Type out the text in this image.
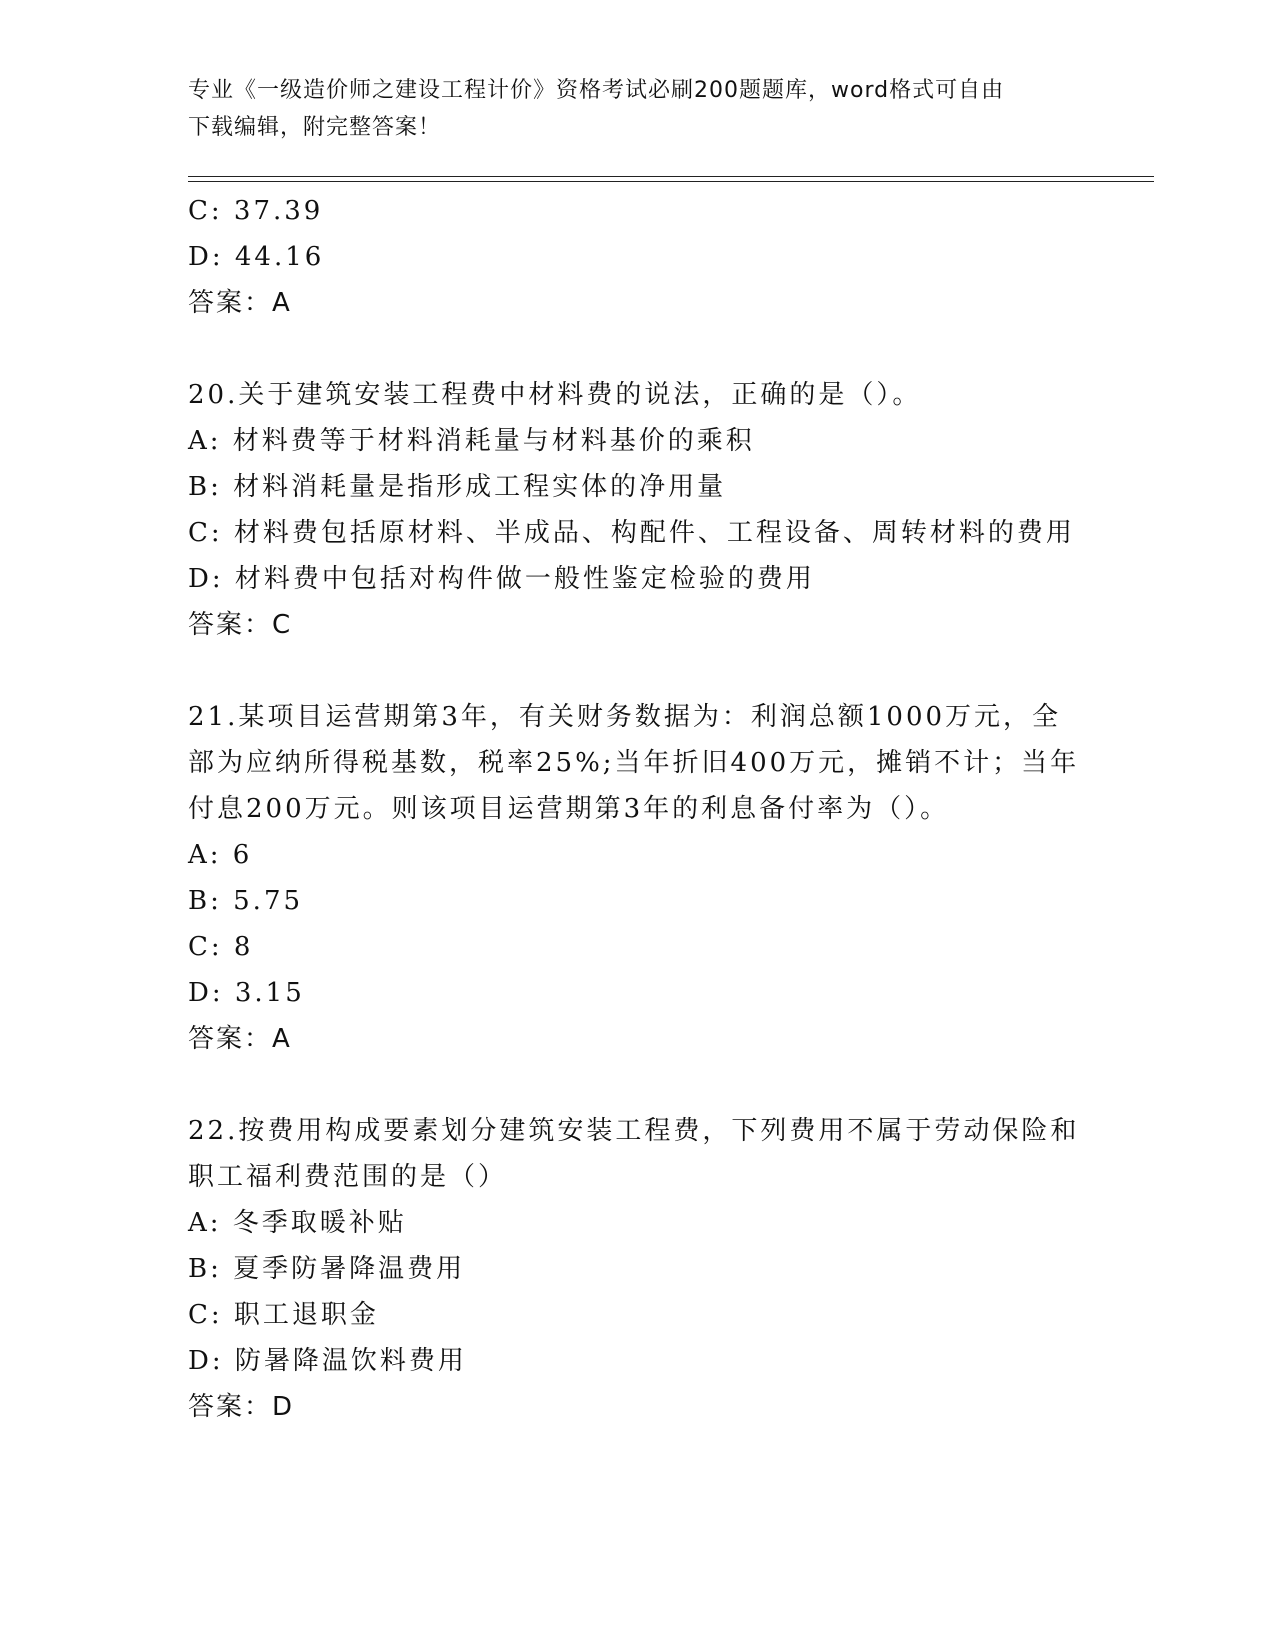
专业《一级造价师之建设工程计价》资格考试必刷200题题库，word格式可自由
下载编辑，附完整答案！
C: 37.39
D: 44.16
答案：A
20.关于建筑安装工程费中材料费的说法，正确的是（）。
A: 材料费等于材料消耗量与材料基价的乘积
B: 材料消耗量是指形成工程实体的净用量
C: 材料费包括原材料、半成品、构配件、工程设备、周转材料的费用
D: 材料费中包括对构件做一般性鉴定检验的费用
答案：C
21.某项目运营期第3年，有关财务数据为：利润总额1000万元，全
部为应纳所得税基数，税率25%;当年折旧400万元，摊销不计；当年
付息200万元。则该项目运营期第3年的利息备付率为（）。
A: 6
B: 5.75
C: 8
D: 3.15
答案：A
22.按费用构成要素划分建筑安装工程费，下列费用不属于劳动保险和
职工福利费范围的是（）
A: 冬季取暖补贴
B: 夏季防暑降温费用
C: 职工退职金
D: 防暑降温饮料费用
答案：D
